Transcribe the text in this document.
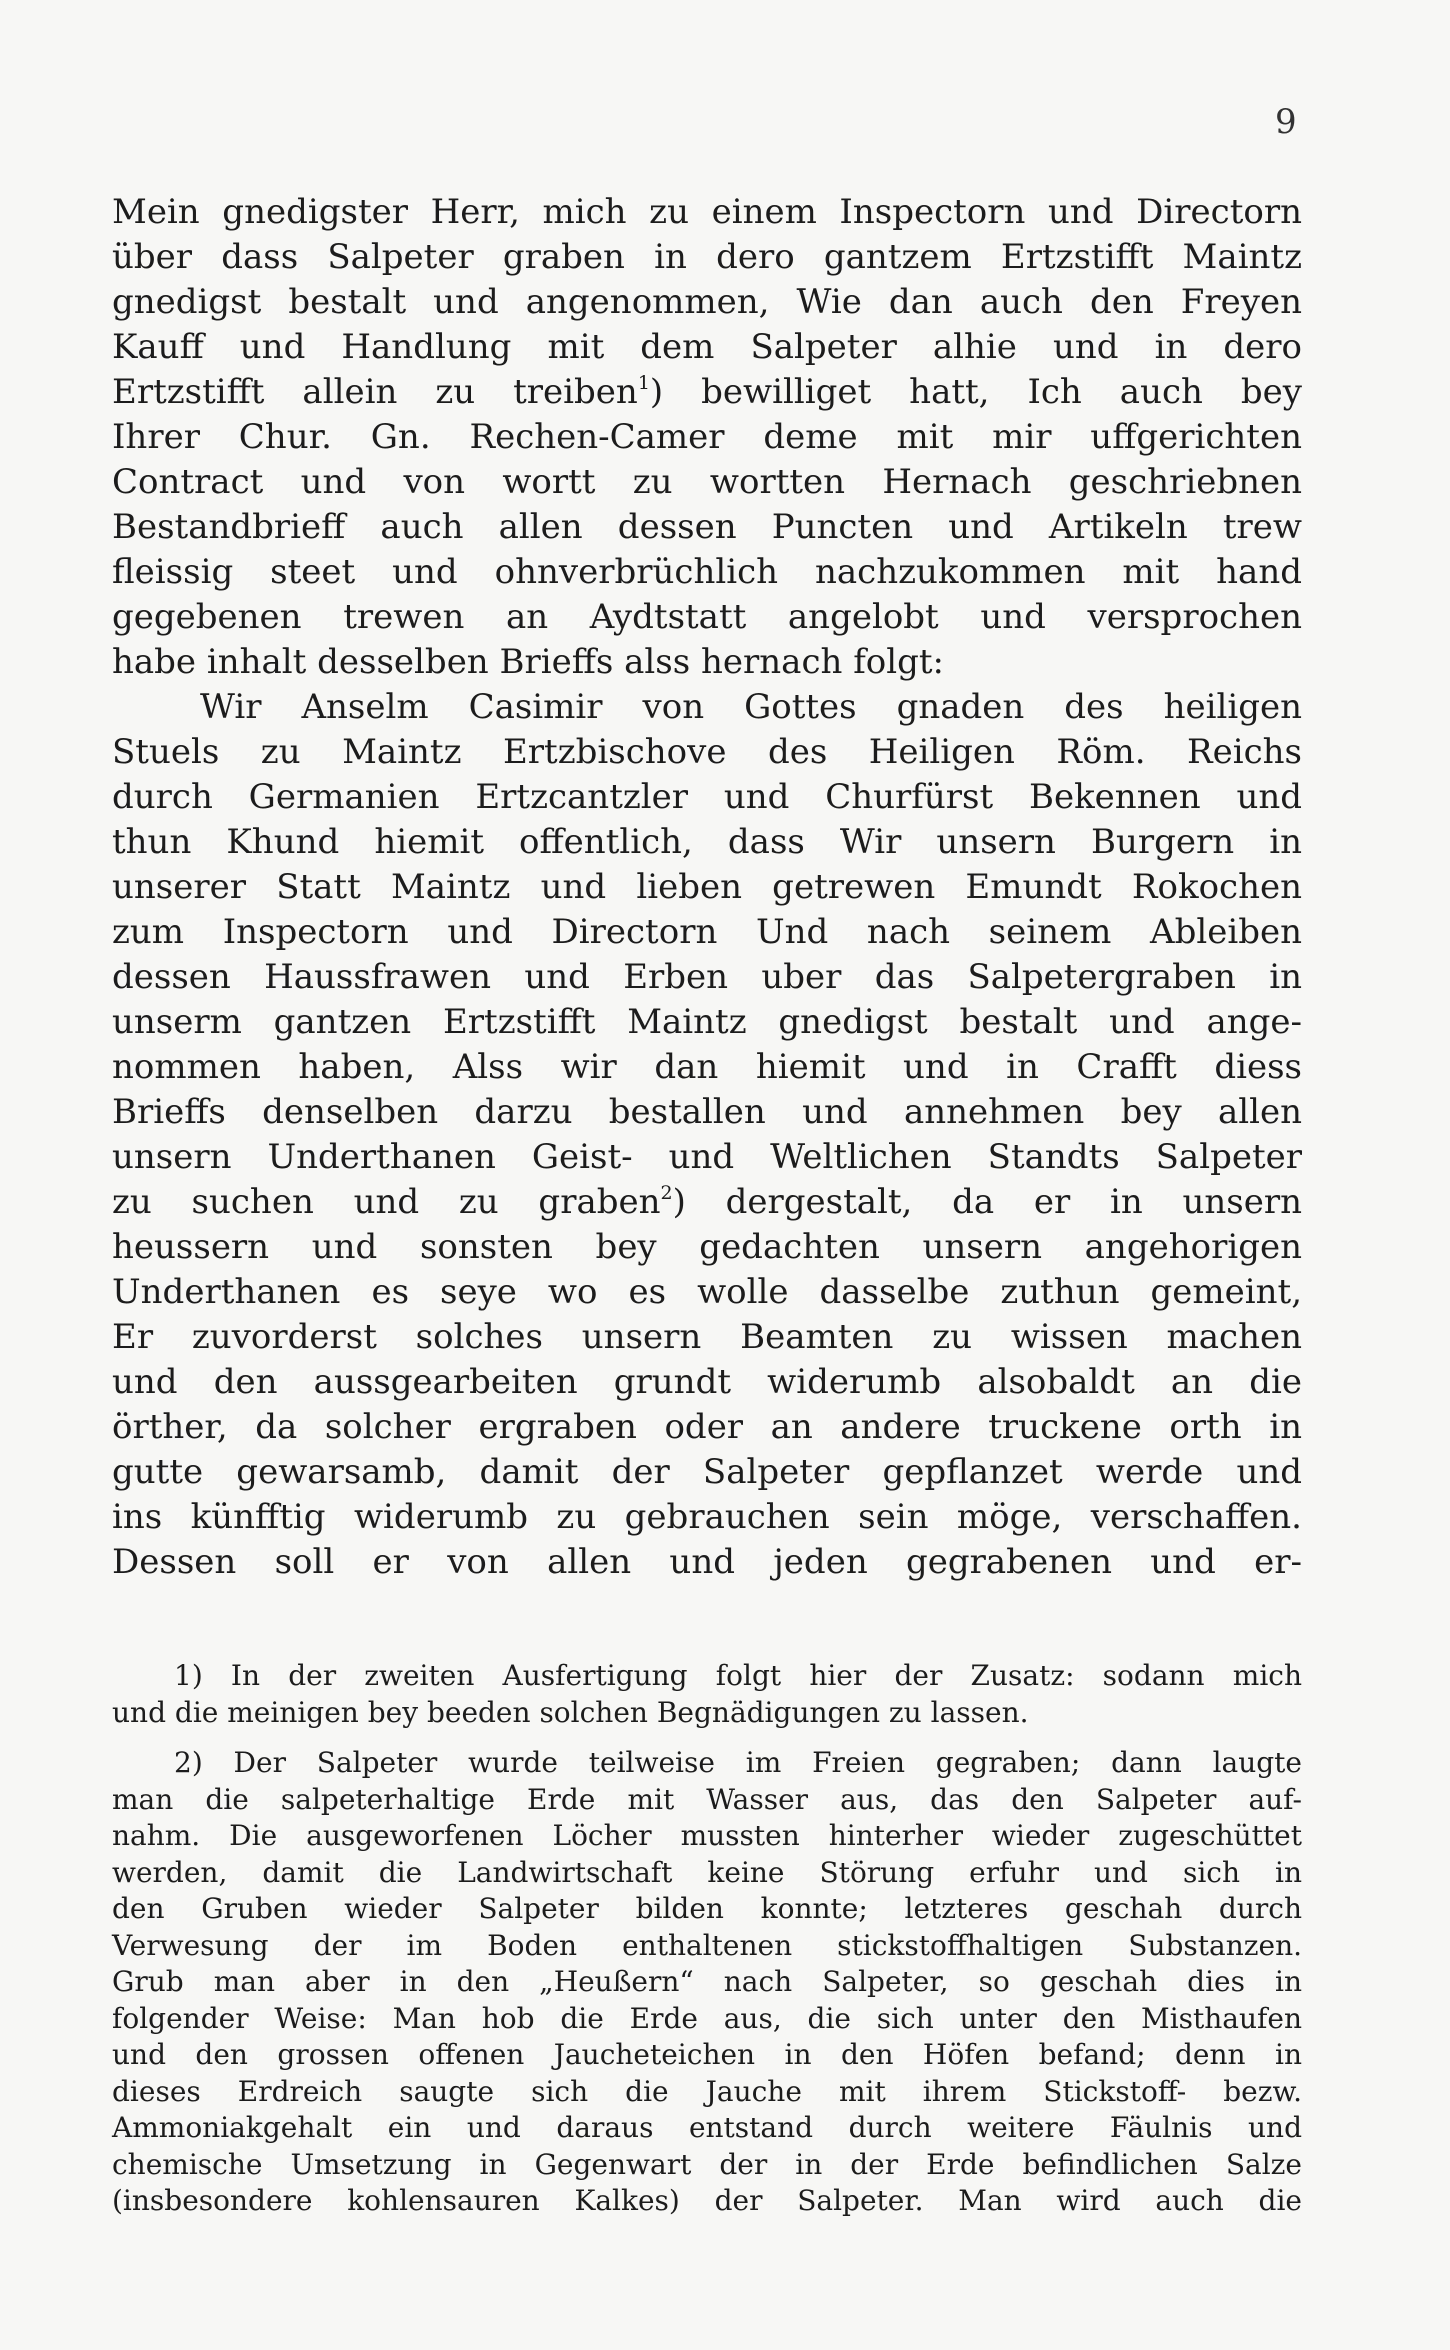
9
Mein gnedigster Herr, mich zu einem Inspectorn und Directorn
über dass Salpeter graben in dero gantzem Ertzstifft Maintz
gnedigst bestalt und angenommen, Wie dan auch den Freyen
Kauff und Handlung mit dem Salpeter alhie und in dero
Ertzstifft allein zu treiben$^1$) bewilliget hatt, Ich auch bey
Ihrer Chur. Gn. Rechen-Camer deme mit mir uffgerichten
Contract und von wortt zu wortten Hernach geschriebnen
Bestandbrieff auch allen dessen Puncten und Artikeln trew
fleissig steet und ohnverbrüchlich nachzukommen mit hand
gegebenen trewen an Aydtstatt angelobt und versprochen
habe inhalt desselben Brieffs alss hernach folgt:
Wir Anselm Casimir von Gottes gnaden des heiligen
Stuels zu Maintz Ertzbischove des Heiligen Röm. Reichs
durch Germanien Ertzcantzler und Churfürst Bekennen und
thun Khund hiemit offentlich, dass Wir unsern Burgern in
unserer Statt Maintz und lieben getrewen Emundt Rokochen
zum Inspectorn und Directorn Und nach seinem Ableiben
dessen Haussfrawen und Erben uber das Salpetergraben in
unserm gantzen Ertzstifft Maintz gnedigst bestalt und ange-
nommen haben, Alss wir dan hiemit und in Crafft diess
Brieffs denselben darzu bestallen und annehmen bey allen
unsern Underthanen Geist- und Weltlichen Standts Salpeter
zu suchen und zu graben$^2$) dergestalt, da er in unsern
heussern und sonsten bey gedachten unsern angehorigen
Underthanen es seye wo es wolle dasselbe zuthun gemeint,
Er zuvorderst solches unsern Beamten zu wissen machen
und den aussgearbeiten grundt widerumb alsobaldt an die
örther, da solcher ergraben oder an andere truckene orth in
gutte gewarsamb, damit der Salpeter gepflanzet werde und
ins künfftig widerumb zu gebrauchen sein möge, verschaffen.
Dessen soll er von allen und jeden gegrabenen und er-
1) In der zweiten Ausfertigung folgt hier der Zusatz: sodann mich
und die meinigen bey beeden solchen Begnädigungen zu lassen.
2) Der Salpeter wurde teilweise im Freien gegraben; dann laugte
man die salpeterhaltige Erde mit Wasser aus, das den Salpeter auf-
nahm. Die ausgeworfenen Löcher mussten hinterher wieder zugeschüttet
werden, damit die Landwirtschaft keine Störung erfuhr und sich in
den Gruben wieder Salpeter bilden konnte; letzteres geschah durch
Verwesung der im Boden enthaltenen stickstoffhaltigen Substanzen.
Grub man aber in den „Heußern“ nach Salpeter, so geschah dies in
folgender Weise: Man hob die Erde aus, die sich unter den Misthaufen
und den grossen offenen Jaucheteichen in den Höfen befand; denn in
dieses Erdreich saugte sich die Jauche mit ihrem Stickstoff- bezw.
Ammoniakgehalt ein und daraus entstand durch weitere Fäulnis und
chemische Umsetzung in Gegenwart der in der Erde befindlichen Salze
(insbesondere kohlensauren Kalkes) der Salpeter. Man wird auch die
